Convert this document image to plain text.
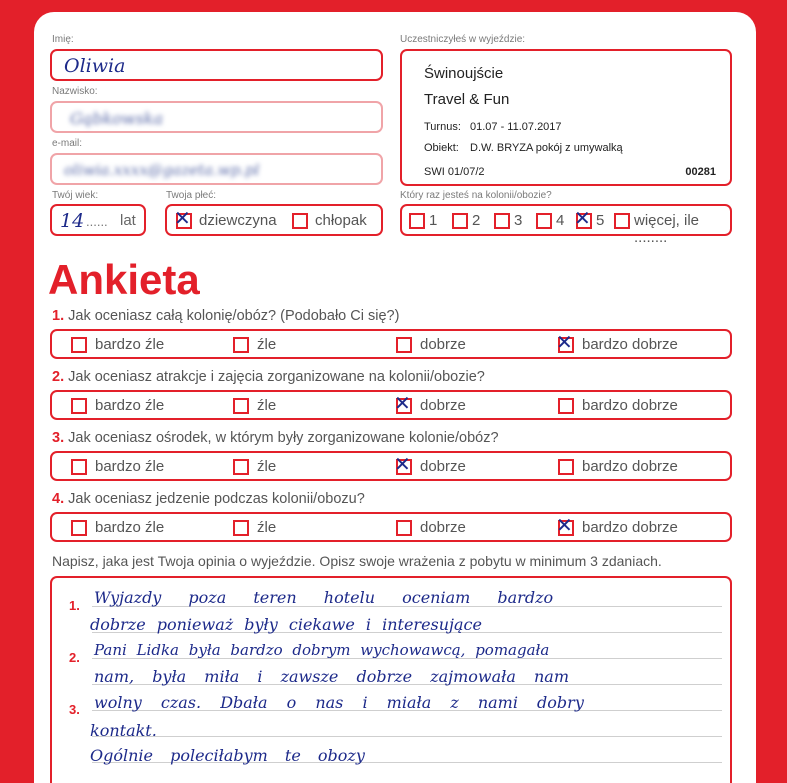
Imię:
Oliwia
Nazwisko:
Gąbkowska
e-mail:
oliwia.xxxx@gazeta.wp.pl
Twój wiek:
14 ...... lat
Twoja płeć:
✕ dziewczyna	chłopak
Uczestniczyłeś w wyjeździe:
Świnoujście
Travel & Fun
Turnus: 01.07 - 11.07.2017
Obiekt: D.W. BRYZA pokój z umywalką
SWI 01/07/2	00281
Który raz jesteś na kolonii/obozie?
1 2 3 4 ✕ 5 więcej, ile ........
Ankieta
1. Jak oceniasz całą kolonię/obóz? (Podobało Ci się?)
bardzo źle	źle	dobrze	✕ bardzo dobrze
2. Jak oceniasz atrakcje i zajęcia zorganizowane na kolonii/obozie?
bardzo źle	źle	✕ dobrze	bardzo dobrze
3. Jak oceniasz ośrodek, w którym były zorganizowane kolonie/obóz?
bardzo źle	źle	✕ dobrze	bardzo dobrze
4. Jak oceniasz jedzenie podczas kolonii/obozu?
bardzo źle	źle	dobrze	✕ bardzo dobrze
Napisz, jaka jest Twoja opinia o wyjeździe. Opisz swoje wrażenia z pobytu w minimum 3 zdaniach.
1.
2.
3.
Wyjazdy poza teren hotelu oceniam bardzo
dobrze ponieważ były ciekawe i interesujące
Pani Lidka była bardzo dobrym wychowawcą, pomagała
nam, była miła i zawsze dobrze zajmowała nam
wolny czas. Dbała o nas i miała z nami dobry
kontakt.
Ogólnie poleciłabym te obozy
